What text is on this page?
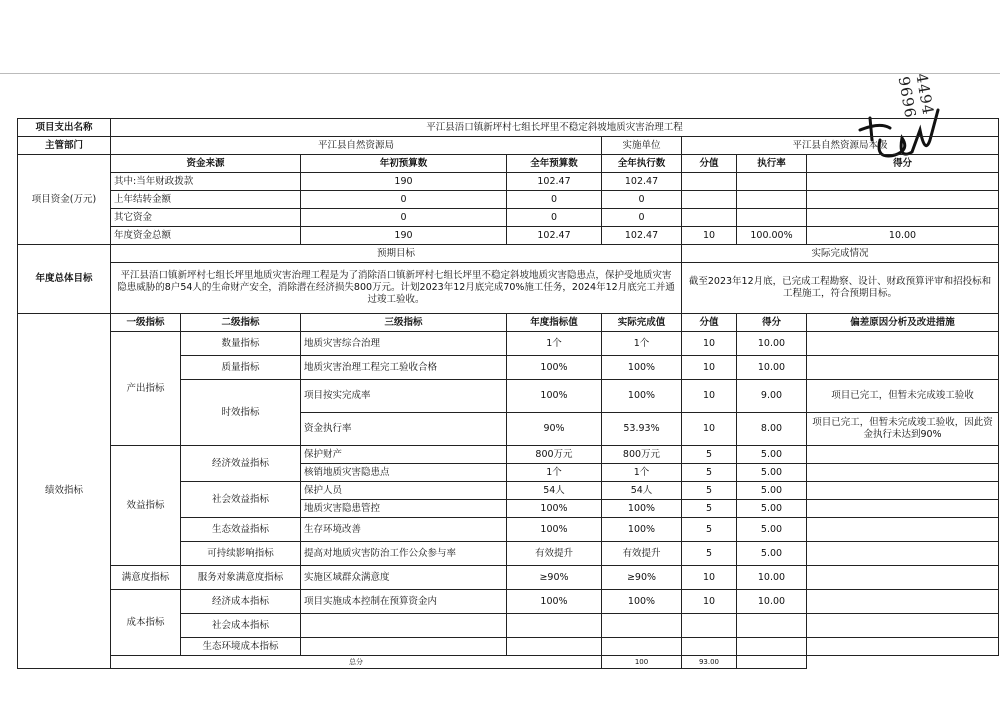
4494 9696
项目支出名称	平江县浯口镇新坪村七组长坪里不稳定斜坡地质灾害治理工程							
主管部门	平江县自然资源局				实施单位	平江县自然资源局本级		
项目资金(万元)	资金来源		年初预算数	全年预算数	全年执行数	分值	执行率	得分
	其中:当年财政拨款		190	102.47	102.47			
	上年结转金额		0	0	0			
	其它资金		0	0	0			
	年度资金总额		190	102.47	102.47	10	100.00%	10.00
年度总体目标	预期目标					实际完成情况		
	平江县浯口镇新坪村七组长坪里地质灾害治理工程是为了消除浯口镇新坪村七组长坪里不稳定斜坡地质灾害隐患点，保护受地质灾害隐患威胁的8户54人的生命财产安全，消除潜在经济损失800万元。计划2023年12月底完成70%施工任务，2024年12月底完工并通过竣工验收。					截至2023年12月底，已完成工程勘察、设计、财政预算评审和招投标和工程施工，符合预期目标。		
绩效指标	一级指标	二级指标	三级指标	年度指标值	实际完成值	分值	得分	偏差原因分析及改进措施
	产出指标	数量指标	地质灾害综合治理	1个	1个	10	10.00	
		质量指标	地质灾害治理工程完工验收合格	100%	100%	10	10.00	
		时效指标	项目按实完成率	100%	100%	10	9.00	项目已完工，但暂未完成竣工验收
			资金执行率	90%	53.93%	10	8.00	项目已完工，但暂未完成竣工验收，因此资金执行未达到90%
	效益指标	经济效益指标	保护财产	800万元	800万元	5	5.00	
			核销地质灾害隐患点	1个	1个	5	5.00	
		社会效益指标	保护人员	54人	54人	5	5.00	
			地质灾害隐患管控	100%	100%	5	5.00	
		生态效益指标	生存环境改善	100%	100%	5	5.00	
		可持续影响指标	提高对地质灾害防治工作公众参与率	有效提升	有效提升	5	5.00	
	满意度指标	服务对象满意度指标	实施区域群众满意度	≥90%	≥90%	10	10.00	
	成本指标	经济成本指标	项目实施成本控制在预算资金内	100%	100%	10	10.00	
		社会成本指标						
		生态环境成本指标						
	总分				100	93.00		
